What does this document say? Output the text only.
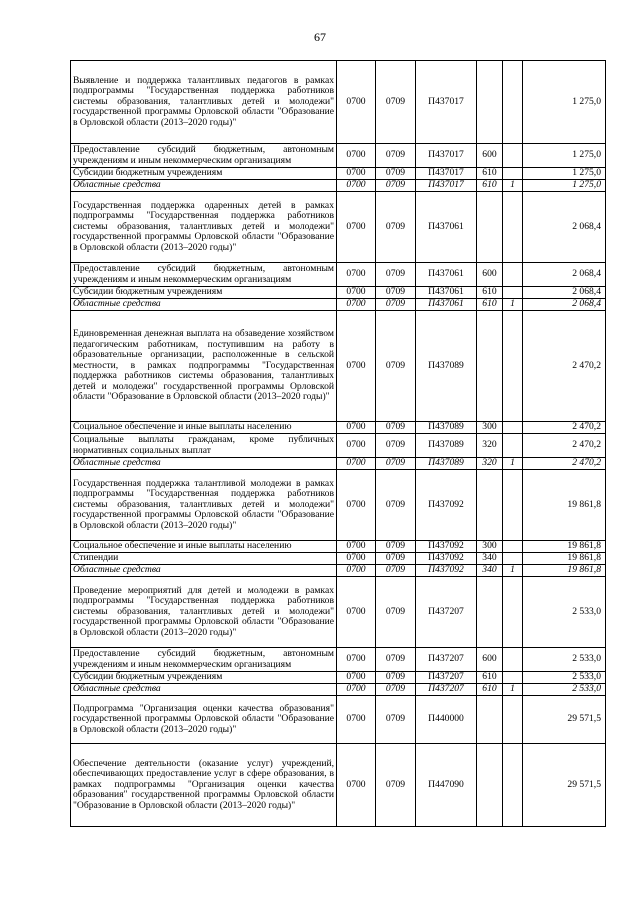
67
Выявление и поддержка талантливых педагогов в рамках подпрограммы "Государственная поддержка работников системы образования, талантливых детей и молодежи" государственной программы Орловской области "Образование в Орловской области (2013–2020 годы)"	0700	0709	П437017			1 275,0
Предоставление субсидий бюджетным, автономным учреждениям и иным некоммерческим организациям	0700	0709	П437017	600		1 275,0
Субсидии бюджетным учреждениям	0700	0709	П437017	610		1 275,0
Областные средства	0700	0709	П437017	610	1	1 275,0
Государственная поддержка одаренных детей в рамках подпрограммы "Государственная поддержка работников системы образования, талантливых детей и молодежи" государственной программы Орловской области "Образование в Орловской области (2013–2020 годы)"	0700	0709	П437061			2 068,4
Предоставление субсидий бюджетным, автономным учреждениям и иным некоммерческим организациям	0700	0709	П437061	600		2 068,4
Субсидии бюджетным учреждениям	0700	0709	П437061	610		2 068,4
Областные средства	0700	0709	П437061	610	1	2 068,4
Единовременная денежная выплата на обзаведение хозяйством педагогическим работникам, поступившим на работу в образовательные организации, расположенные в сельской местности, в рамках подпрограммы "Государственная поддержка работников системы образования, талантливых детей и молодежи" государственной программы Орловской области "Образование в Орловской области (2013–2020 годы)"	0700	0709	П437089			2 470,2
Социальное обеспечение и иные выплаты населению	0700	0709	П437089	300		2 470,2
Социальные выплаты гражданам, кроме публичных нормативных социальных выплат	0700	0709	П437089	320		2 470,2
Областные средства	0700	0709	П437089	320	1	2 470,2
Государственная поддержка талантливой молодежи в рамках подпрограммы "Государственная поддержка работников системы образования, талантливых детей и молодежи" государственной программы Орловской области "Образование в Орловской области (2013–2020 годы)"	0700	0709	П437092			19 861,8
Социальное обеспечение и иные выплаты населению	0700	0709	П437092	300		19 861,8
Стипендии	0700	0709	П437092	340		19 861,8
Областные средства	0700	0709	П437092	340	1	19 861,8
Проведение мероприятий для детей и молодежи в рамках подпрограммы "Государственная поддержка работников системы образования, талантливых детей и молодежи" государственной программы Орловской области "Образование в Орловской области (2013–2020 годы)"	0700	0709	П437207			2 533,0
Предоставление субсидий бюджетным, автономным учреждениям и иным некоммерческим организациям	0700	0709	П437207	600		2 533,0
Субсидии бюджетным учреждениям	0700	0709	П437207	610		2 533,0
Областные средства	0700	0709	П437207	610	1	2 533,0
Подпрограмма "Организация оценки качества образования" государственной программы Орловской области "Образование в Орловской области (2013–2020 годы)"	0700	0709	П440000			29 571,5
Обеспечение деятельности (оказание услуг) учреждений, обеспечивающих предоставление услуг в сфере образования, в рамках подпрограммы "Организация оценки качества образования" государственной программы Орловской области "Образование в Орловской области (2013–2020 годы)"	0700	0709	П447090			29 571,5
